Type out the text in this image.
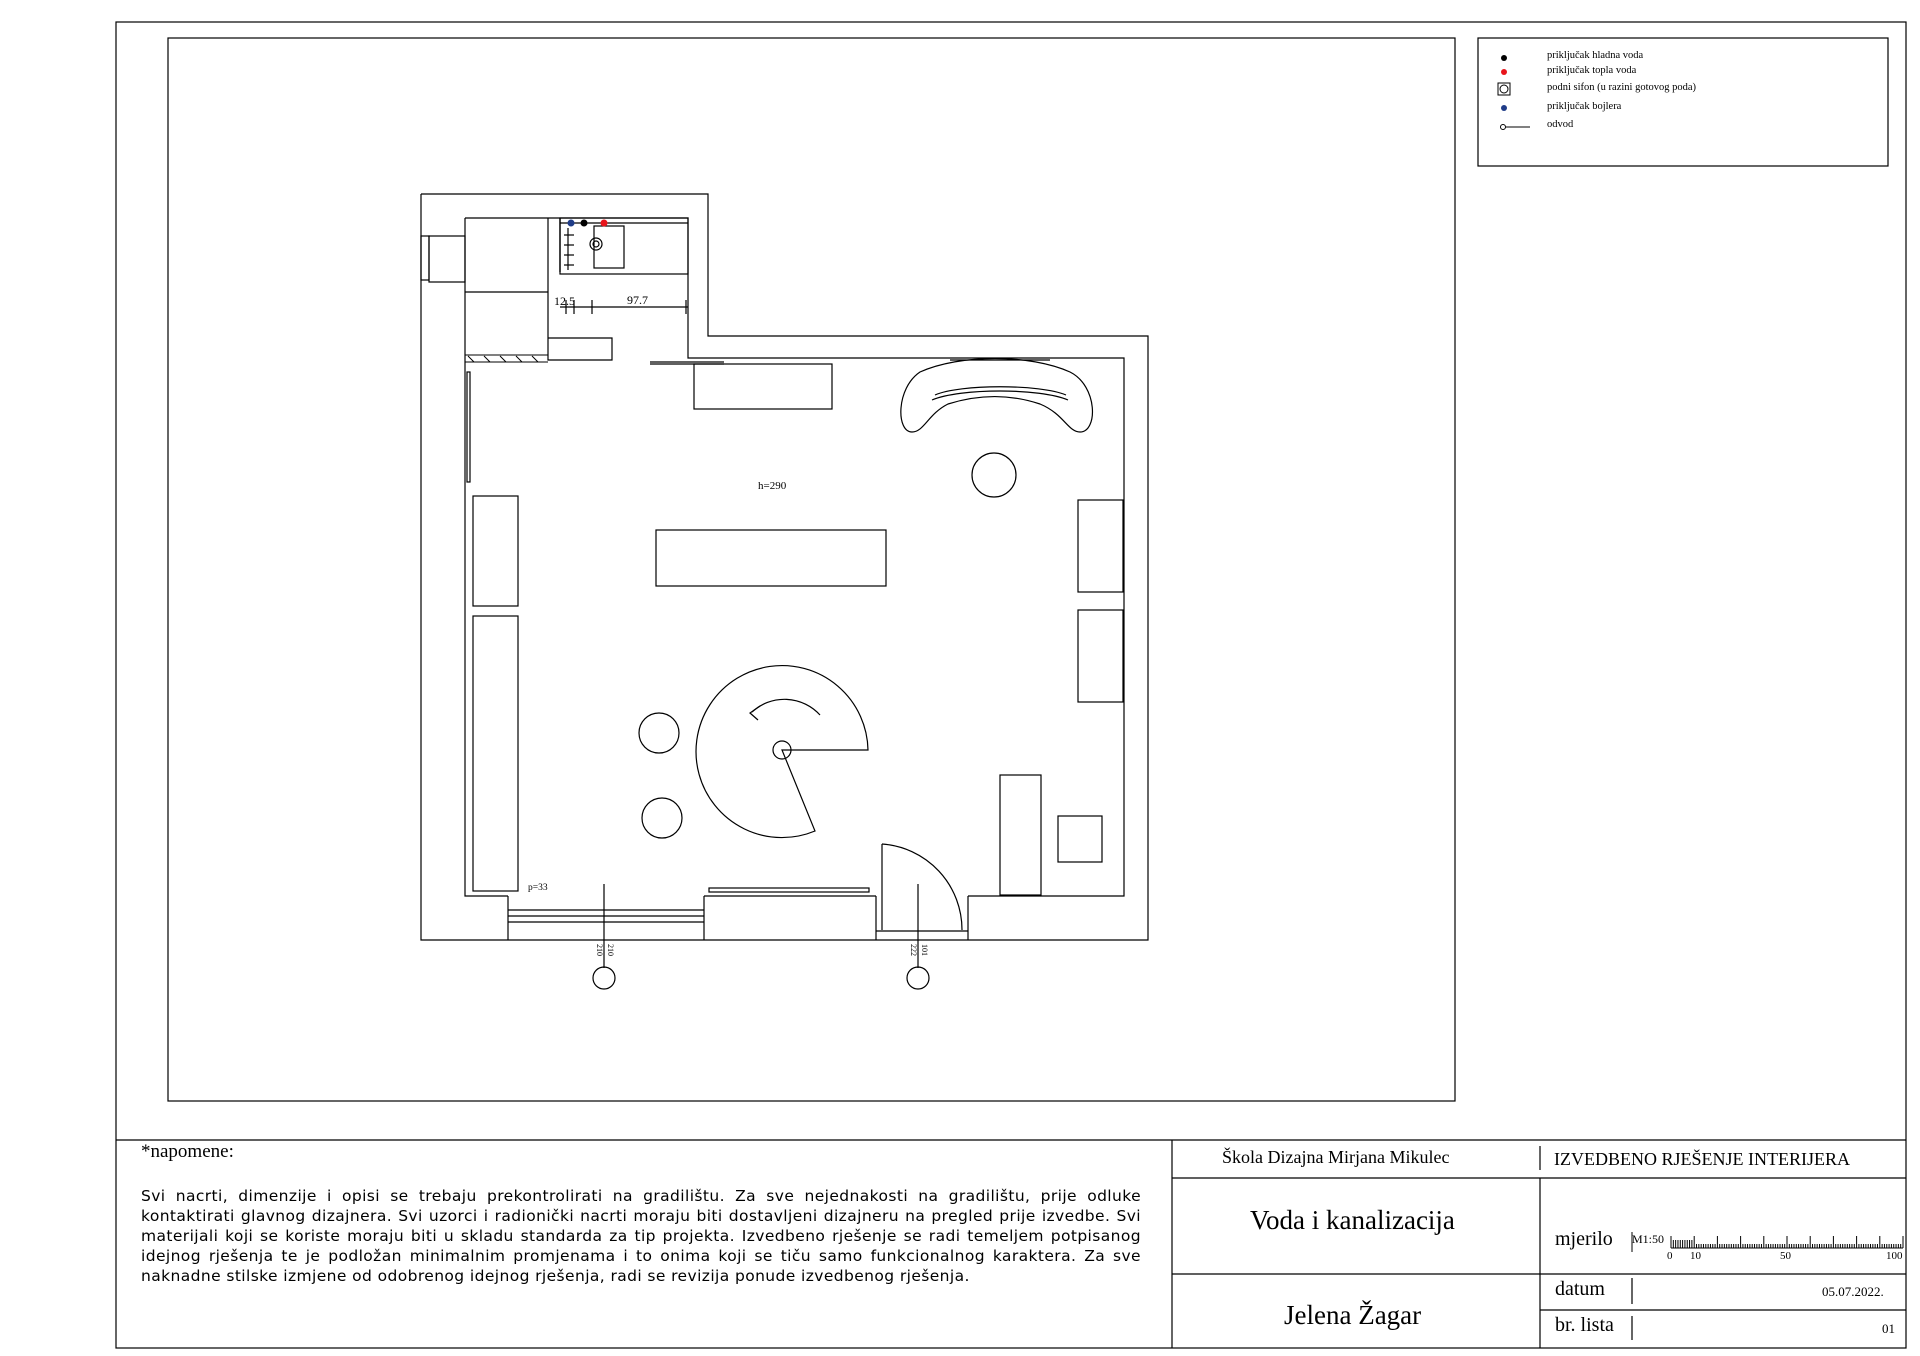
h=290
p=33
12.5	97.7
210 210	222 101
priključak hladna voda
priključak topla voda
podni sifon (u razini gotovog poda)
priključak bojlera
odvod
*napomene:
Svi nacrti, dimenzije i opisi se trebaju prekontrolirati na gradilištu. Za sve nejednakosti na gradilištu, prije odluke kontaktirati glavnog dizajnera. Svi uzorci i radionički nacrti moraju biti dostavljeni dizajneru na pregled prije izvedbe. Svi materijali koji se koriste moraju biti u skladu standarda za tip projekta. Izvedbeno rješenje se radi temeljem potpisanog idejnog rješenja te je podložan minimalnim promjenama i to onima koji se tiču samo funkcionalnog karaktera. Za sve naknadne stilske izmjene od odobrenog idejnog rješenja, radi se revizija ponude izvedbenog rješenja.
Škola Dizajna Mirjana Mikulec	IZVEDBENO RJEŠENJE INTERIJERA
Voda i kanalizacija
Jelena Žagar
mjerilo M1:50
0 10	50	100
datum	05.07.2022.
br. lista	01
